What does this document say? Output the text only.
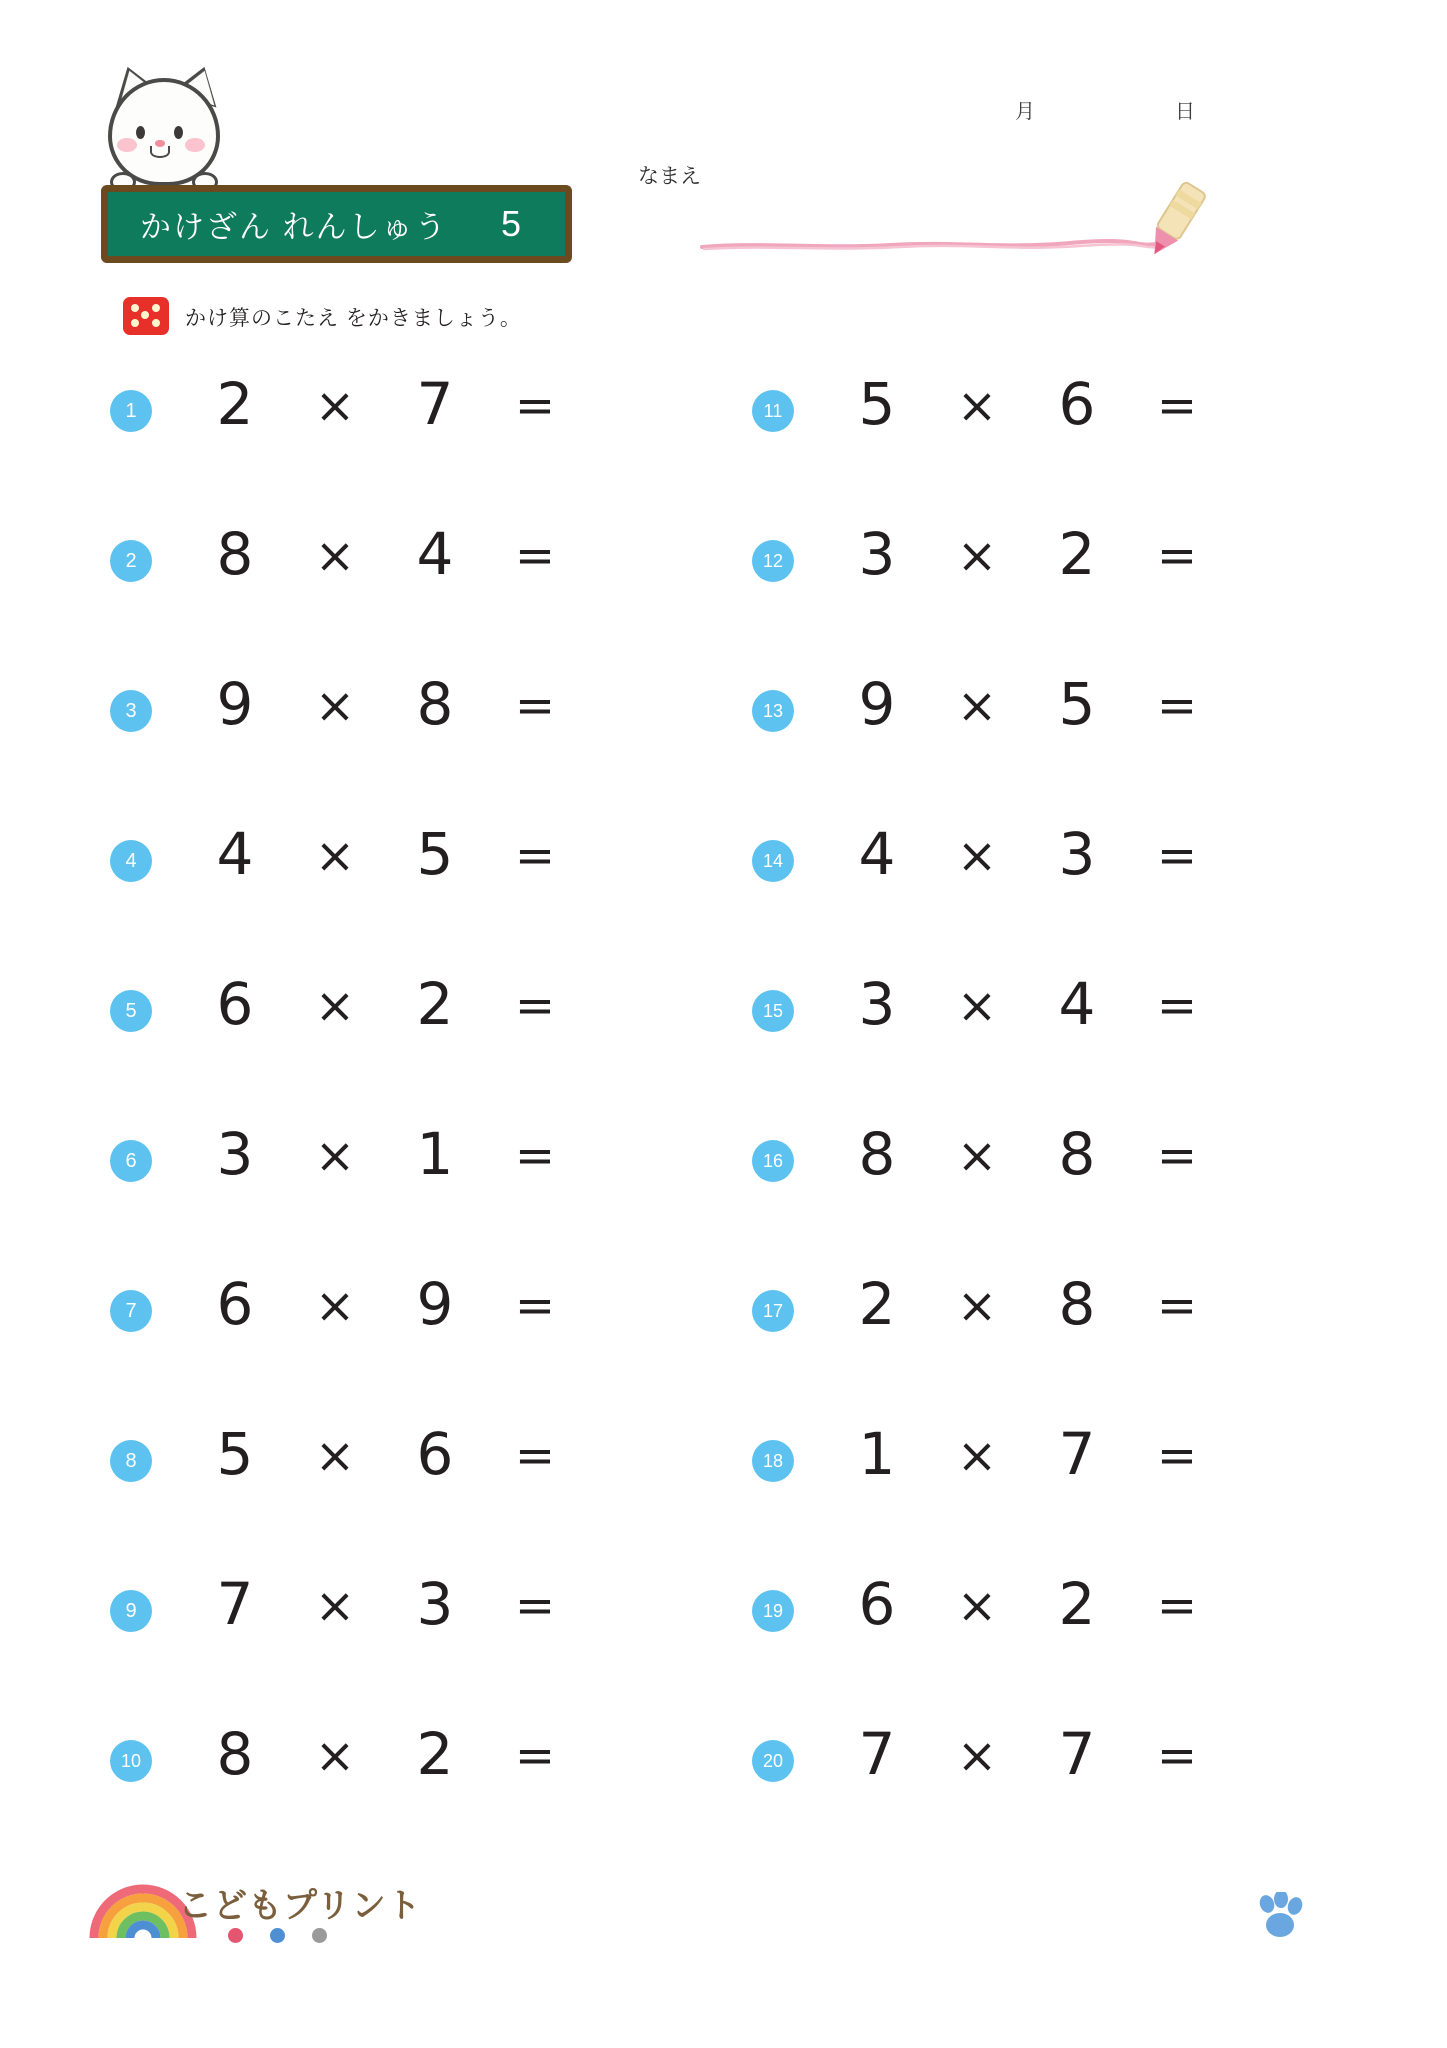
かけざん れんしゅう 5
かけ算のこたえ をかきましょう。
月	日
なまえ
1 2 × 7 =
2 8 × 4 =
3 9 × 8 =
4 4 × 5 =
5 6 × 2 =
6 3 × 1 =
7 6 × 9 =
8 5 × 6 =
9 7 × 3 =
10 8 × 2 =
11 5 × 6 =
12 3 × 2 =
13 9 × 5 =
14 4 × 3 =
15 3 × 4 =
16 8 × 8 =
17 2 × 8 =
18 1 × 7 =
19 6 × 2 =
20 7 × 7 =
こどもプリント
